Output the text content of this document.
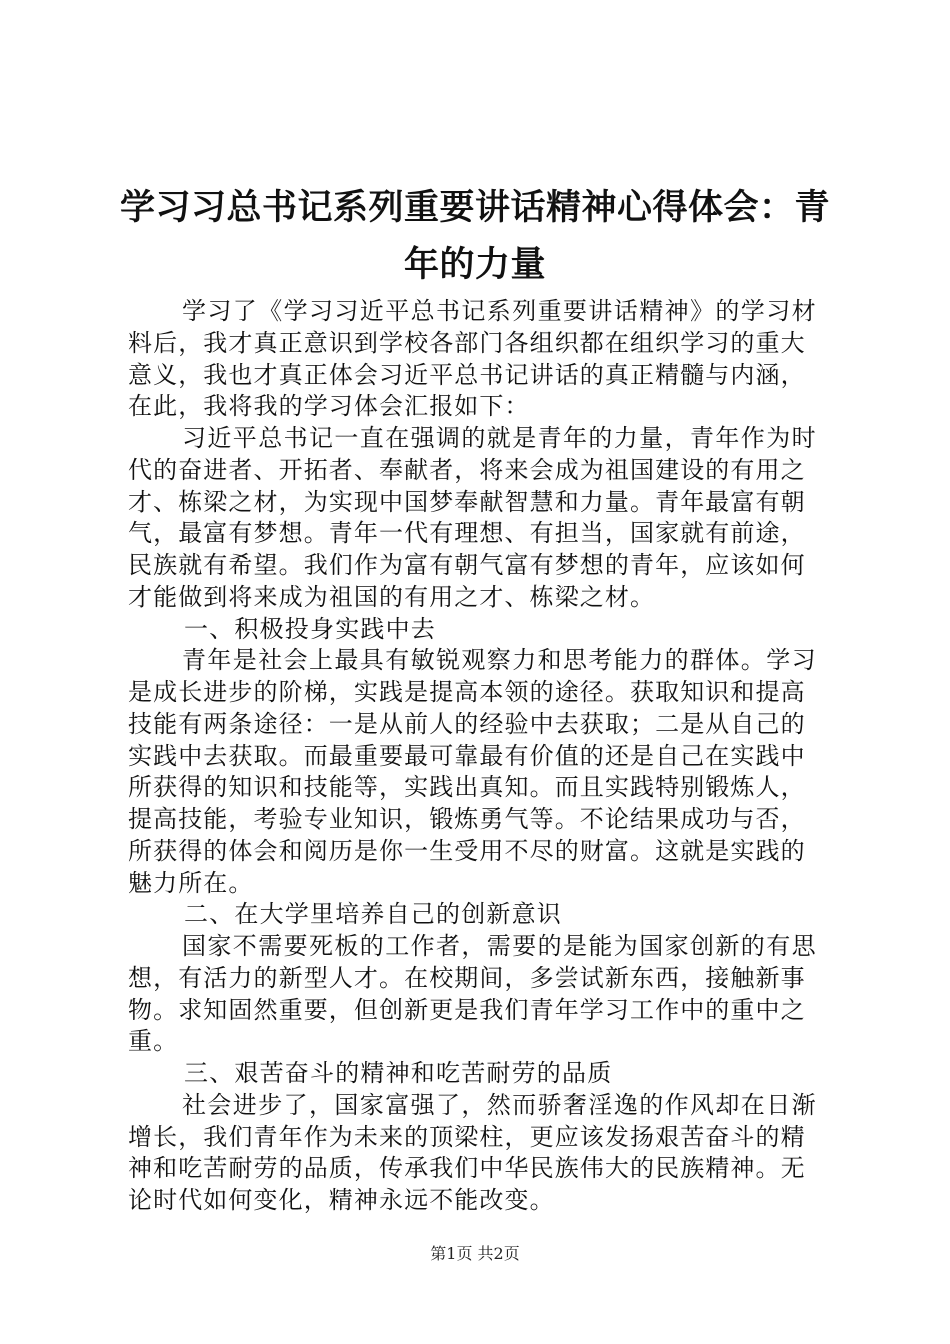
学习习总书记系列重要讲话精神心得体会：青
年的力量
学习了《学习习近平总书记系列重要讲话精神》的学习材
料后，我才真正意识到学校各部门各组织都在组织学习的重大
意义，我也才真正体会习近平总书记讲话的真正精髓与内涵，
在此，我将我的学习体会汇报如下：
习近平总书记一直在强调的就是青年的力量，青年作为时
代的奋进者、开拓者、奉献者，将来会成为祖国建设的有用之
才、栋梁之材，为实现中国梦奉献智慧和力量。青年最富有朝
气，最富有梦想。青年一代有理想、有担当，国家就有前途，
民族就有希望。我们作为富有朝气富有梦想的青年，应该如何
才能做到将来成为祖国的有用之才、栋梁之材。
一、积极投身实践中去
青年是社会上最具有敏锐观察力和思考能力的群体。学习
是成长进步的阶梯，实践是提高本领的途径。获取知识和提高
技能有两条途径：一是从前人的经验中去获取；二是从自己的
实践中去获取。而最重要最可靠最有价值的还是自己在实践中
所获得的知识和技能等，实践出真知。而且实践特别锻炼人，
提高技能，考验专业知识，锻炼勇气等。不论结果成功与否，
所获得的体会和阅历是你一生受用不尽的财富。这就是实践的
魅力所在。
二、在大学里培养自己的创新意识
国家不需要死板的工作者，需要的是能为国家创新的有思
想，有活力的新型人才。在校期间，多尝试新东西，接触新事
物。求知固然重要，但创新更是我们青年学习工作中的重中之
重。
三、艰苦奋斗的精神和吃苦耐劳的品质
社会进步了，国家富强了，然而骄奢淫逸的作风却在日渐
增长，我们青年作为未来的顶梁柱，更应该发扬艰苦奋斗的精
神和吃苦耐劳的品质，传承我们中华民族伟大的民族精神。无
论时代如何变化，精神永远不能改变。
第1页 共2页
